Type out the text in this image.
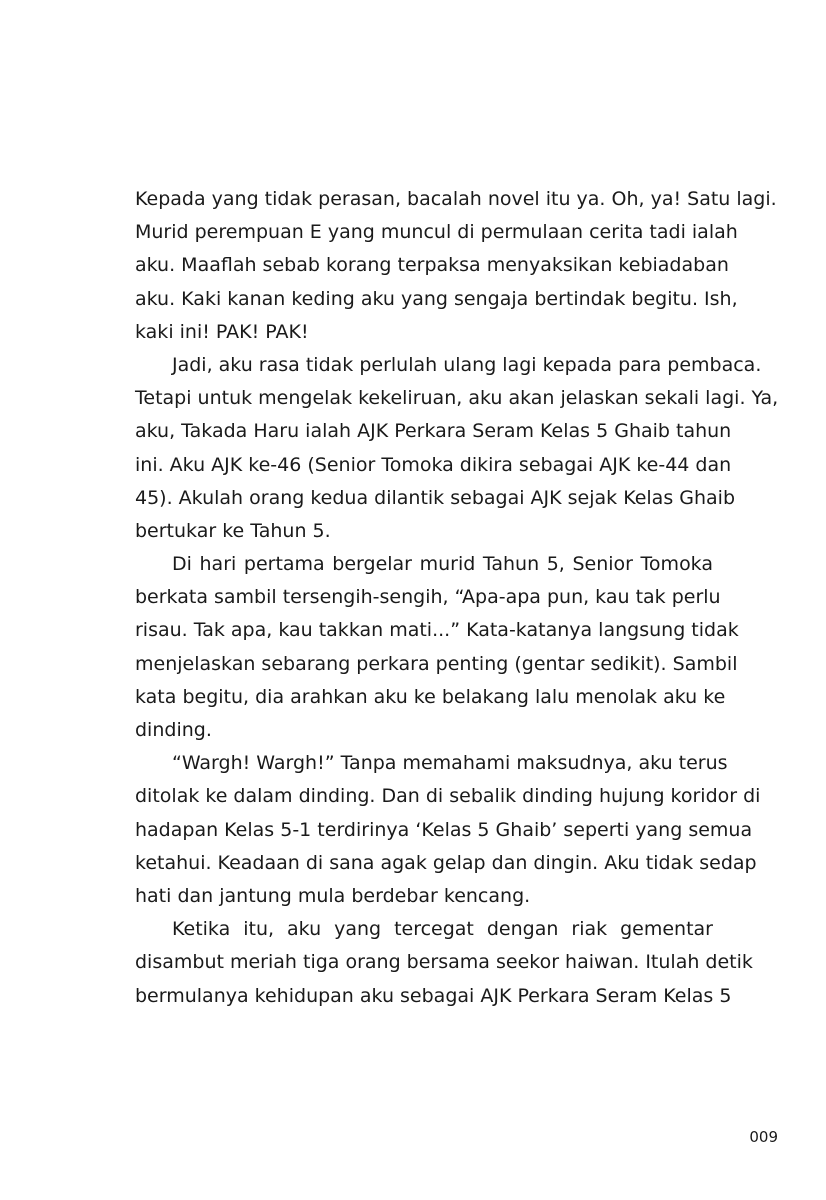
Kepada yang tidak perasan, bacalah novel itu ya. Oh, ya! Satu lagi.
Murid perempuan E yang muncul di permulaan cerita tadi ialah
aku. Maaflah sebab korang terpaksa menyaksikan kebiadaban
aku. Kaki kanan keding aku yang sengaja bertindak begitu. Ish,
kaki ini! PAK! PAK!
Jadi, aku rasa tidak perlulah ulang lagi kepada para pembaca.
Tetapi untuk mengelak kekeliruan, aku akan jelaskan sekali lagi. Ya,
aku, Takada Haru ialah AJK Perkara Seram Kelas 5 Ghaib tahun
ini. Aku AJK ke-46 (Senior Tomoka dikira sebagai AJK ke-44 dan
45). Akulah orang kedua dilantik sebagai AJK sejak Kelas Ghaib
bertukar ke Tahun 5.
Di hari pertama bergelar murid Tahun 5, Senior Tomoka
berkata sambil tersengih-sengih, “Apa-apa pun, kau tak perlu
risau. Tak apa, kau takkan mati...” Kata-katanya langsung tidak
menjelaskan sebarang perkara penting (gentar sedikit). Sambil
kata begitu, dia arahkan aku ke belakang lalu menolak aku ke
dinding.
“Wargh! Wargh!” Tanpa memahami maksudnya, aku terus
ditolak ke dalam dinding. Dan di sebalik dinding hujung koridor di
hadapan Kelas 5-1 terdirinya ‘Kelas 5 Ghaib’ seperti yang semua
ketahui. Keadaan di sana agak gelap dan dingin. Aku tidak sedap
hati dan jantung mula berdebar kencang.
Ketika itu, aku yang tercegat dengan riak gementar
disambut meriah tiga orang bersama seekor haiwan. Itulah detik
bermulanya kehidupan aku sebagai AJK Perkara Seram Kelas 5
009
